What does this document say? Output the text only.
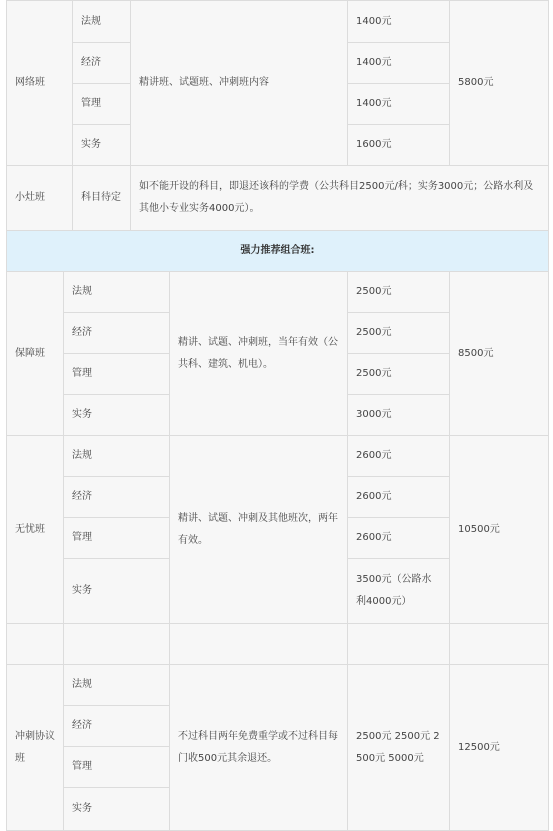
网络班
法规
经济
管理
实务
精讲班、试题班、冲刺班内容
1400元
1400元
1400元
1600元
5800元
小灶班	科目待定
如不能开设的科目，即退还该科的学费（公共科目2500元/科；实务3000元；公路水利及其他小专业实务4000元）。
强力推荐组合班:
保障班
法规
经济
管理
实务
精讲、试题、冲刺班，当年有效（公共科、建筑、机电）。
2500元
2500元
2500元
3000元
8500元
无忧班
法规
经济
管理
实务
精讲、试题、冲刺及其他班次，两年有效。
2600元
2600元
2600元
3500元（公路水利4000元）
10500元
冲刺协议班
法规
经济
管理
实务
不过科目两年免费重学或不过科目每门收500元其余退还。
2500元 2500元 2500元 5000元
12500元
